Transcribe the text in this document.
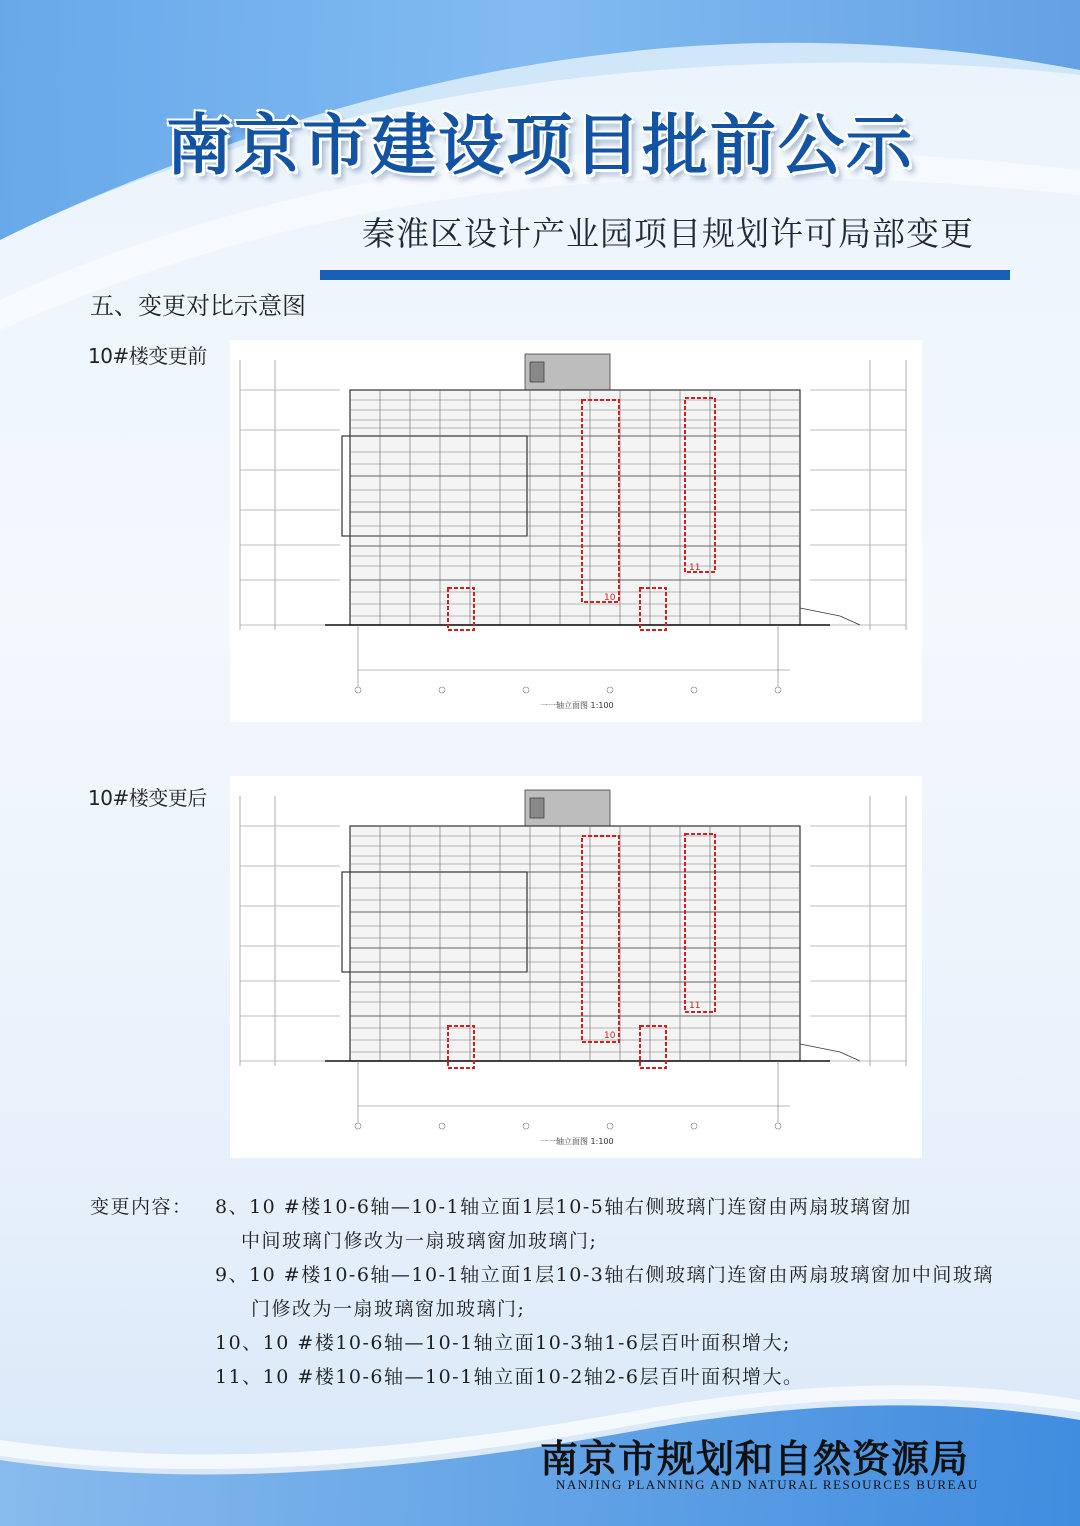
南京市建设项目批前公示
秦淮区设计产业园项目规划许可局部变更
五、变更对比示意图
10#楼变更前
10
11
一一轴立面图 1:100
10#楼变更后
10
11
一一轴立面图 1:100
变更内容： 8、10 #楼10-6轴—10-1轴立面1层10-5轴右侧玻璃门连窗由两扇玻璃窗加
中间玻璃门修改为一扇玻璃窗加玻璃门;
9、10 #楼10-6轴—10-1轴立面1层10-3轴右侧玻璃门连窗由两扇玻璃窗加中间玻璃
门修改为一扇玻璃窗加玻璃门;
10、10 #楼10-6轴—10-1轴立面10-3轴1-6层百叶面积增大;
11、10 #楼10-6轴—10-1轴立面10-2轴2-6层百叶面积增大。
南京市规划和自然资源局
NANJING PLANNING AND NATURAL RESOURCES BUREAU
